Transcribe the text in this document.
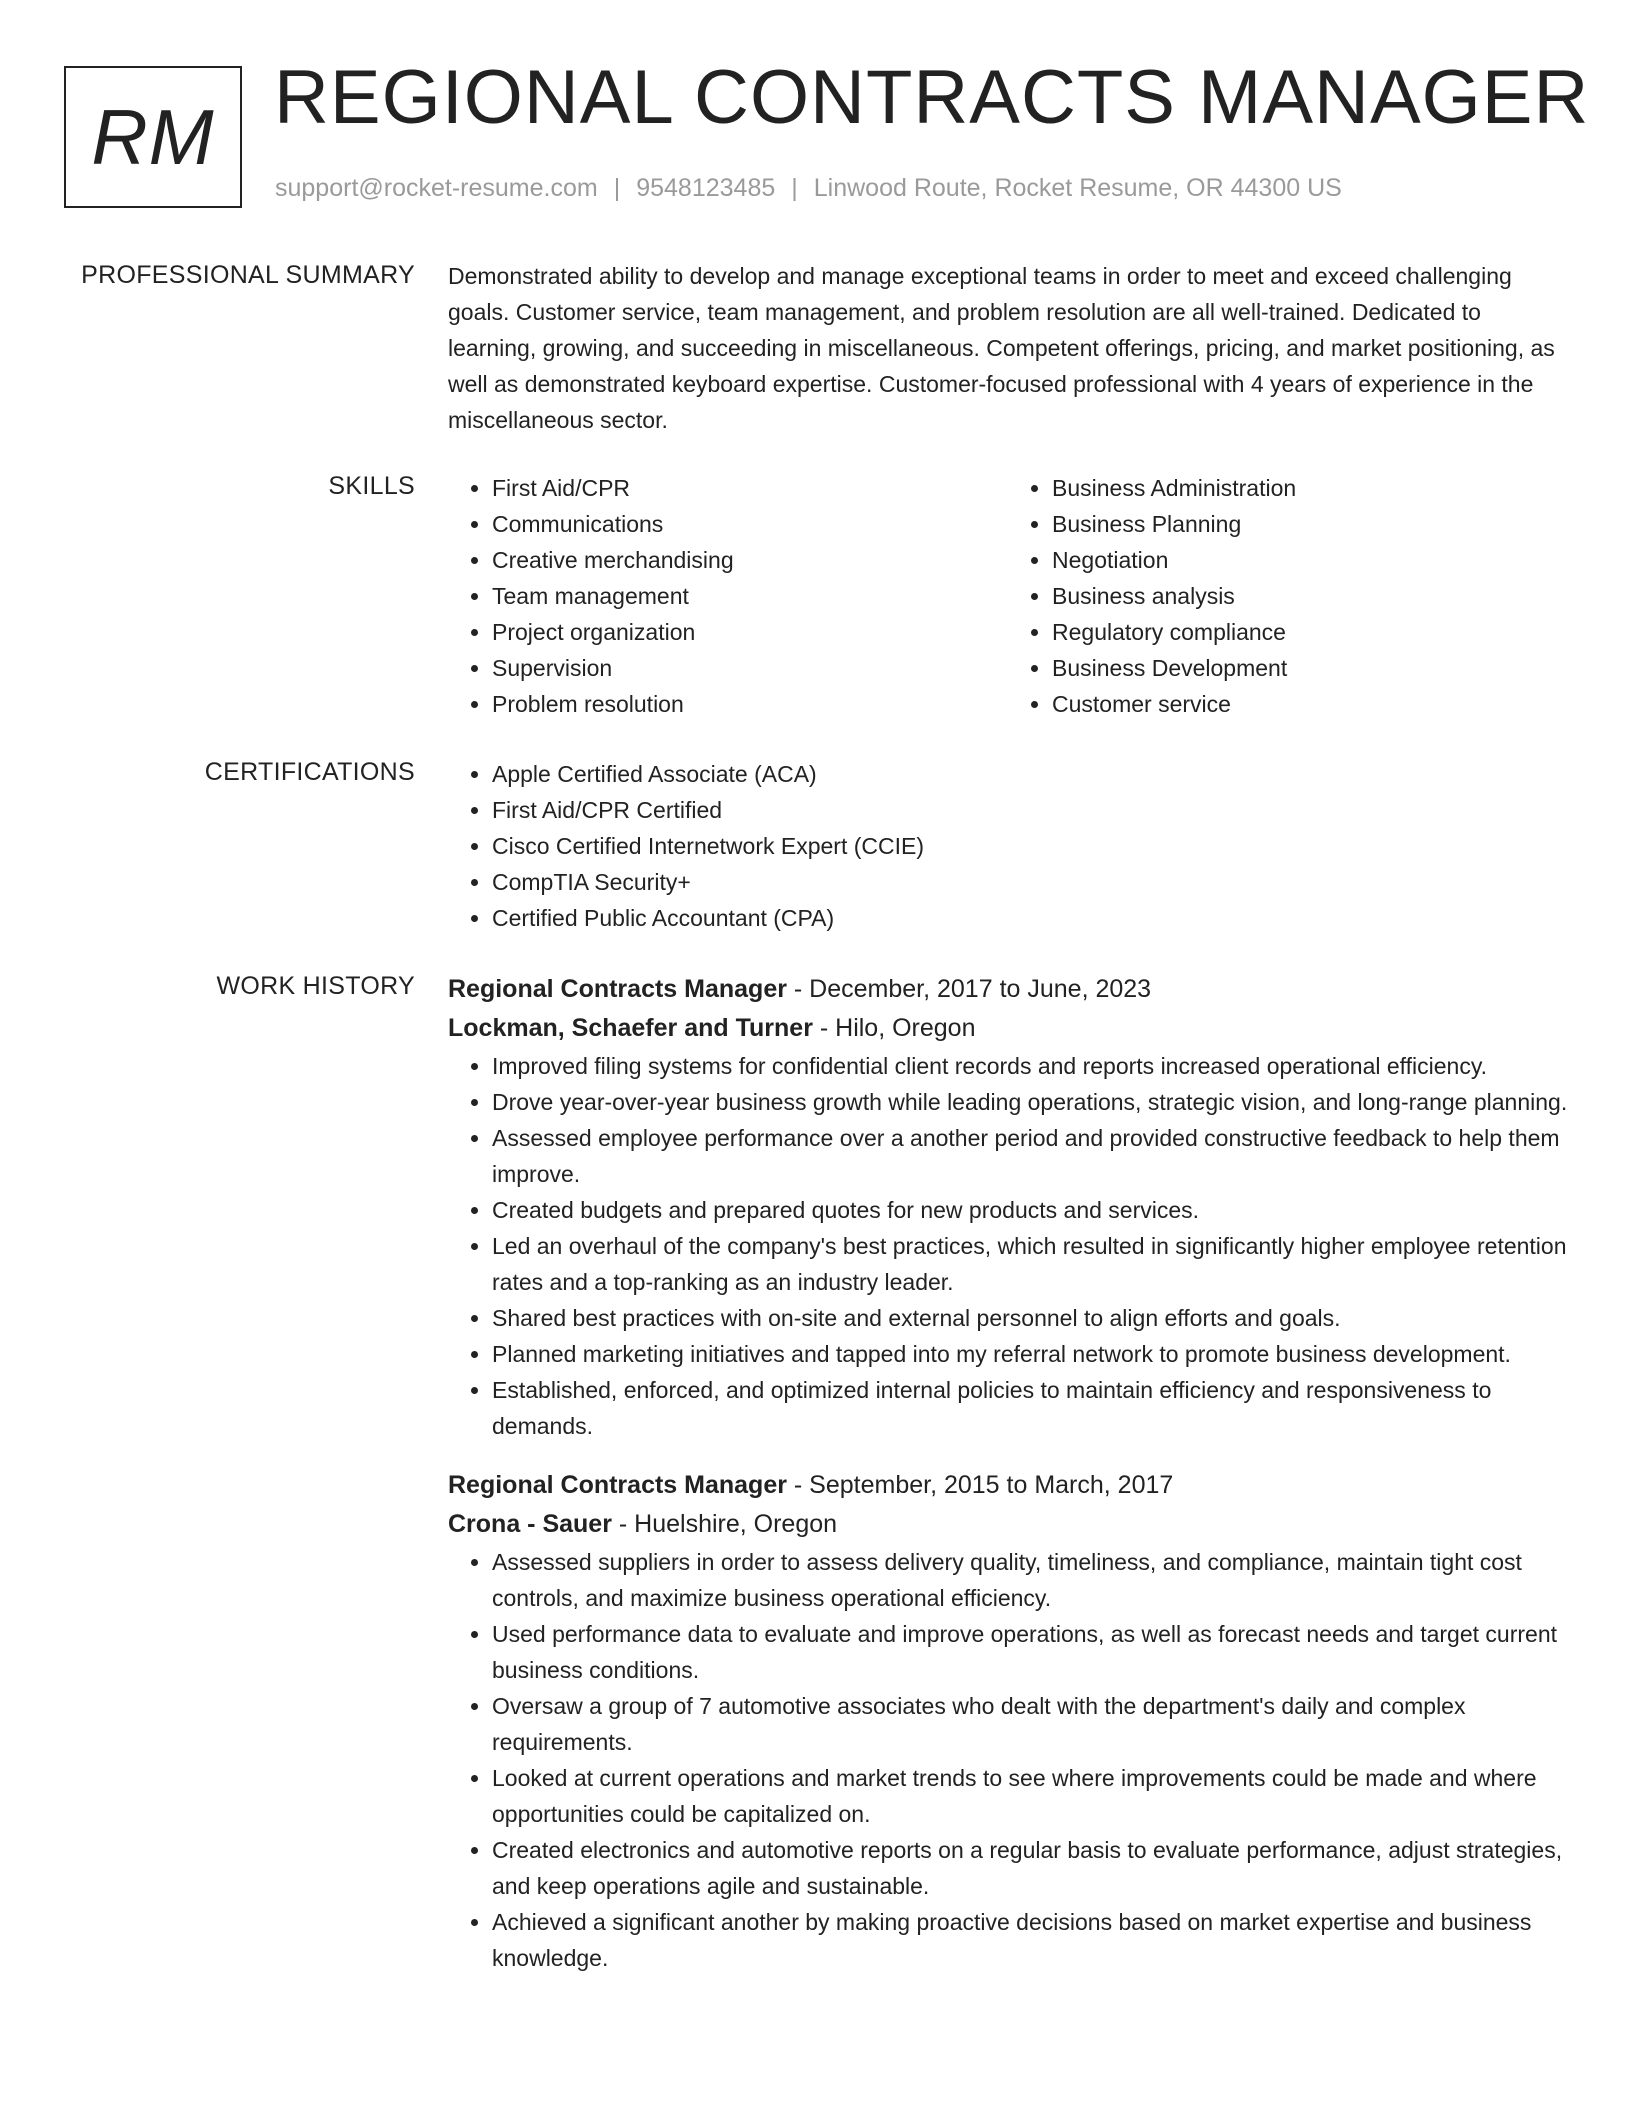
RM REGIONAL CONTRACTS MANAGER
support@rocket-resume.com | 9548123485 | Linwood Route, Rocket Resume, OR 44300 US
PROFESSIONAL SUMMARY Demonstrated ability to develop and manage exceptional teams in order to meet and exceed challenging goals. Customer service, team management, and problem resolution are all well-trained. Dedicated to learning, growing, and succeeding in miscellaneous. Competent offerings, pricing, and market positioning, as well as demonstrated keyboard expertise. Customer-focused professional with 4 years of experience in the miscellaneous sector.

SKILLS	• First Aid/CPR
• Communications
• Creative merchandising
• Team management
• Project organization
• Supervision
• Problem resolution
• Business Administration
• Business Planning
• Negotiation
• Business analysis
• Regulatory compliance
• Business Development
• Customer service
CERTIFICATIONS	• Apple Certified Associate (ACA)
• First Aid/CPR Certified
• Cisco Certified Internetwork Expert (CCIE)
• CompTIA Security+
• Certified Public Accountant (CPA)
WORK HISTORY Regional Contracts Manager - December, 2017 to June, 2023
Lockman, Schaefer and Turner - Hilo, Oregon
• Improved filing systems for confidential client records and reports increased operational efficiency.
• Drove year-over-year business growth while leading operations, strategic vision, and long-range planning.
• Assessed employee performance over a another period and provided constructive feedback to help them improve.
• Created budgets and prepared quotes for new products and services.
• Led an overhaul of the company's best practices, which resulted in significantly higher employee retention rates and a top-ranking as an industry leader.
• Shared best practices with on-site and external personnel to align efforts and goals.
• Planned marketing initiatives and tapped into my referral network to promote business development.
• Established, enforced, and optimized internal policies to maintain efficiency and responsiveness to demands.
Regional Contracts Manager - September, 2015 to March, 2017
Crona - Sauer - Huelshire, Oregon
• Assessed suppliers in order to assess delivery quality, timeliness, and compliance, maintain tight cost controls, and maximize business operational efficiency.
• Used performance data to evaluate and improve operations, as well as forecast needs and target current business conditions.
• Oversaw a group of 7 automotive associates who dealt with the department's daily and complex requirements.
• Looked at current operations and market trends to see where improvements could be made and where opportunities could be capitalized on.
• Created electronics and automotive reports on a regular basis to evaluate performance, adjust strategies, and keep operations agile and sustainable.
• Achieved a significant another by making proactive decisions based on market expertise and business knowledge.
